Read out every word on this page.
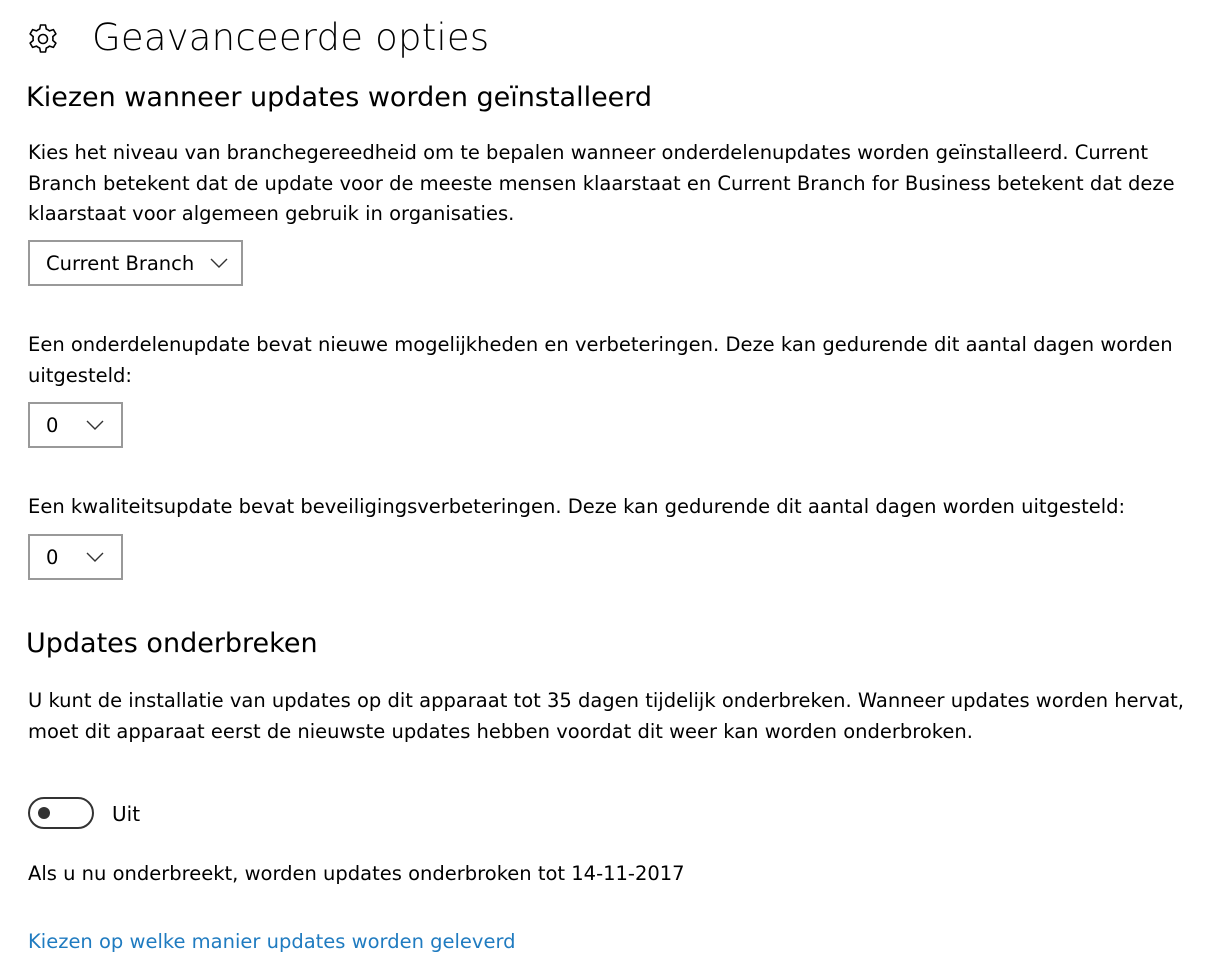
Geavanceerde opties
Kiezen wanneer updates worden geïnstalleerd
Kies het niveau van branchegereedheid om te bepalen wanneer onderdelenupdates worden geïnstalleerd. Current Branch betekent dat de update voor de meeste mensen klaarstaat en Current Branch for Business betekent dat deze klaarstaat voor algemeen gebruik in organisaties.
Current Branch
Een onderdelenupdate bevat nieuwe mogelijkheden en verbeteringen. Deze kan gedurende dit aantal dagen worden uitgesteld:
0
Een kwaliteitsupdate bevat beveiligingsverbeteringen. Deze kan gedurende dit aantal dagen worden uitgesteld:
0
Updates onderbreken
U kunt de installatie van updates op dit apparaat tot 35 dagen tijdelijk onderbreken. Wanneer updates worden hervat, moet dit apparaat eerst de nieuwste updates hebben voordat dit weer kan worden onderbroken.
Uit
Als u nu onderbreekt, worden updates onderbroken tot 14-11-2017
Kiezen op welke manier updates worden geleverd
